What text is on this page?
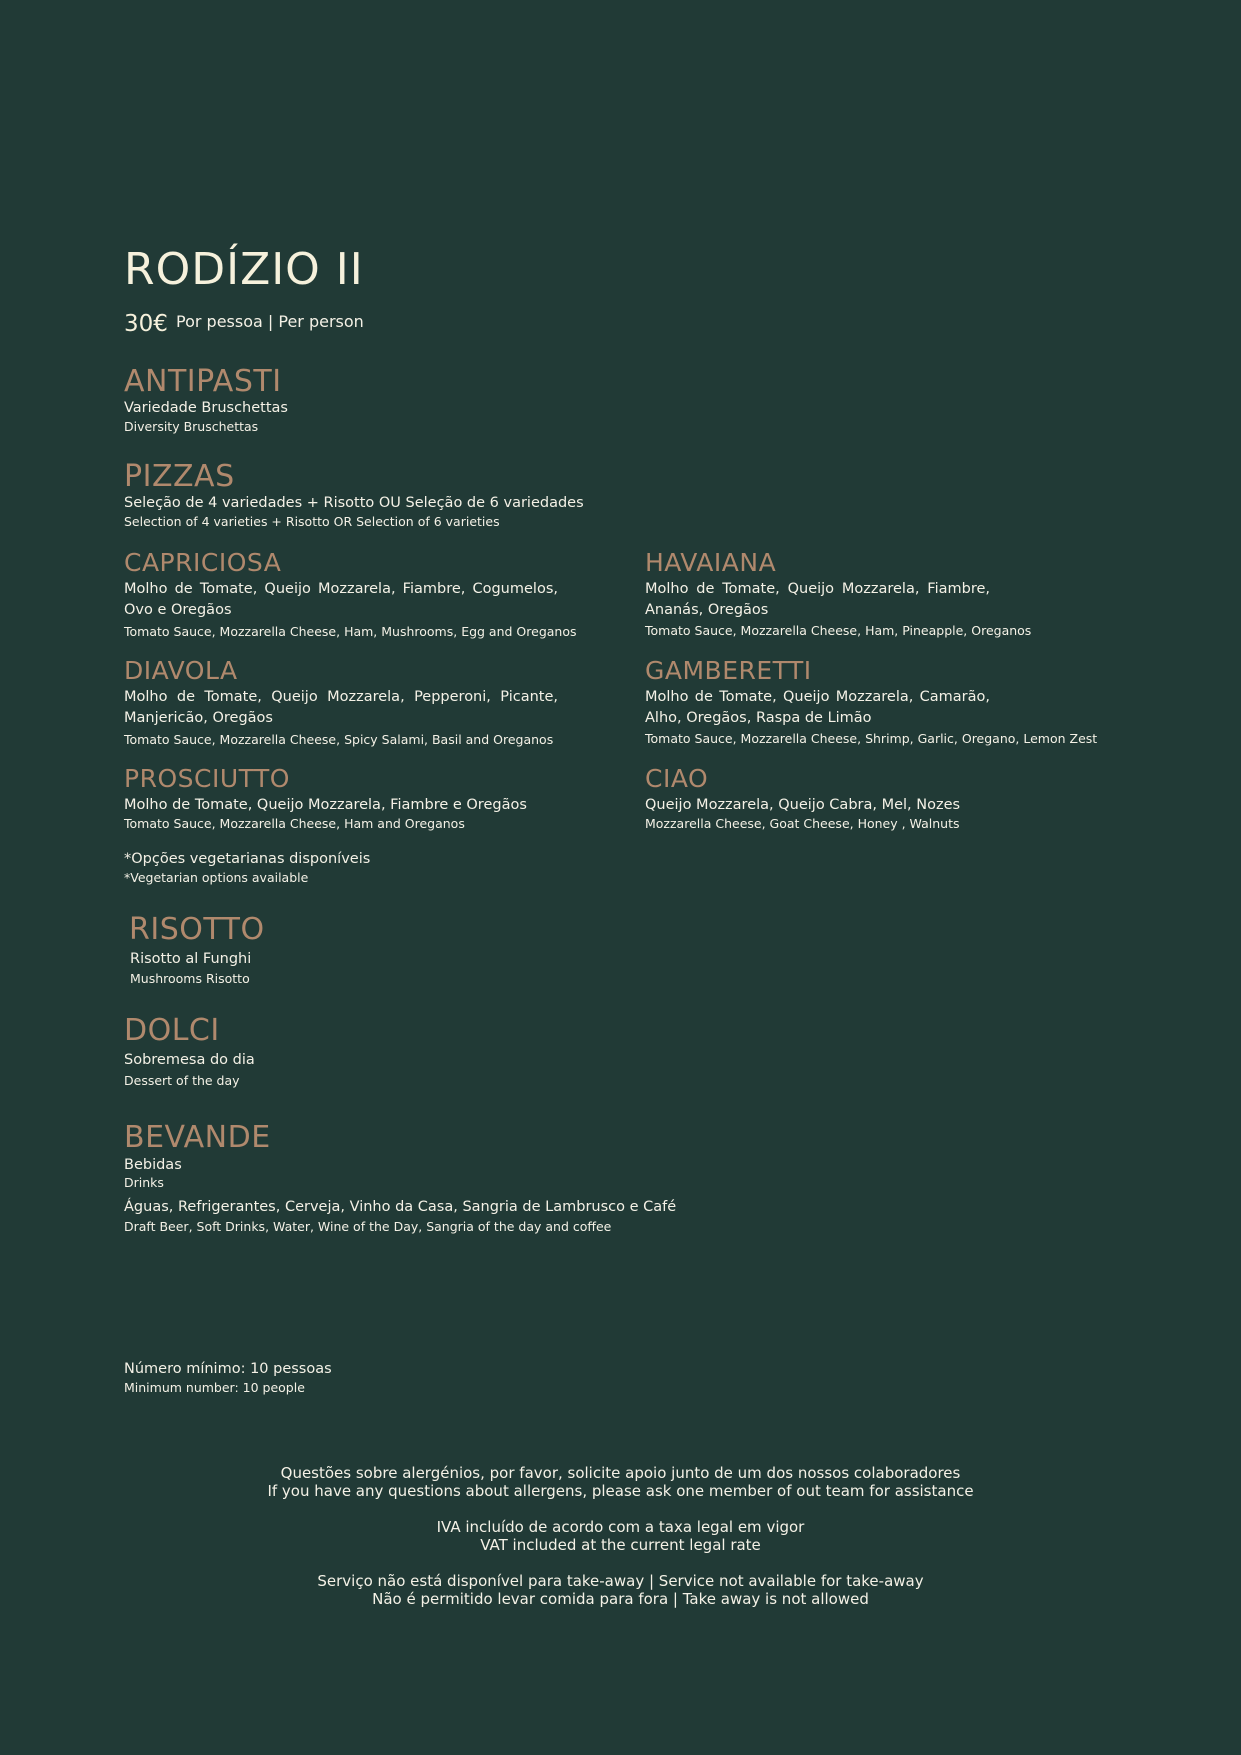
RODÍZIO II
30€ Por pessoa | Per person
ANTIPASTI
Variedade Bruschettas
Diversity Bruschettas
PIZZAS
Seleção de 4 variedades + Risotto OU Seleção de 6 variedades
Selection of 4 varieties + Risotto OR Selection of 6 varieties
CAPRICIOSA
Molho de Tomate, Queijo Mozzarela, Fiambre, Cogumelos, Ovo e Oregãos
Tomato Sauce, Mozzarella Cheese, Ham, Mushrooms, Egg and Oreganos
HAVAIANA
Molho de Tomate, Queijo Mozzarela, Fiambre, Ananás, Oregãos
Tomato Sauce, Mozzarella Cheese, Ham, Pineapple, Oreganos
DIAVOLA
Molho de Tomate, Queijo Mozzarela, Pepperoni, Picante, Manjericão, Oregãos
Tomato Sauce, Mozzarella Cheese, Spicy Salami, Basil and Oreganos
GAMBERETTI
Molho de Tomate, Queijo Mozzarela, Camarão, Alho, Oregãos, Raspa de Limão
Tomato Sauce, Mozzarella Cheese, Shrimp, Garlic, Oregano, Lemon Zest
PROSCIUTTO
Molho de Tomate, Queijo Mozzarela, Fiambre e Oregãos
Tomato Sauce, Mozzarella Cheese, Ham and Oreganos
CIAO
Queijo Mozzarela, Queijo Cabra, Mel, Nozes
Mozzarella Cheese, Goat Cheese, Honey , Walnuts
*Opções vegetarianas disponíveis
*Vegetarian options available
RISOTTO
Risotto al Funghi
Mushrooms Risotto
DOLCI
Sobremesa do dia
Dessert of the day
BEVANDE
Bebidas
Drinks
Águas, Refrigerantes, Cerveja, Vinho da Casa, Sangria de Lambrusco e Café
Draft Beer, Soft Drinks, Water, Wine of the Day, Sangria of the day and coffee
Número mínimo: 10 pessoas
Minimum number: 10 people
Questões sobre alergénios, por favor, solicite apoio junto de um dos nossos colaboradores
If you have any questions about allergens, please ask one member of out team for assistance
IVA incluído de acordo com a taxa legal em vigor
VAT included at the current legal rate
Serviço não está disponível para take-away | Service not available for take-away
Não é permitido levar comida para fora | Take away is not allowed
